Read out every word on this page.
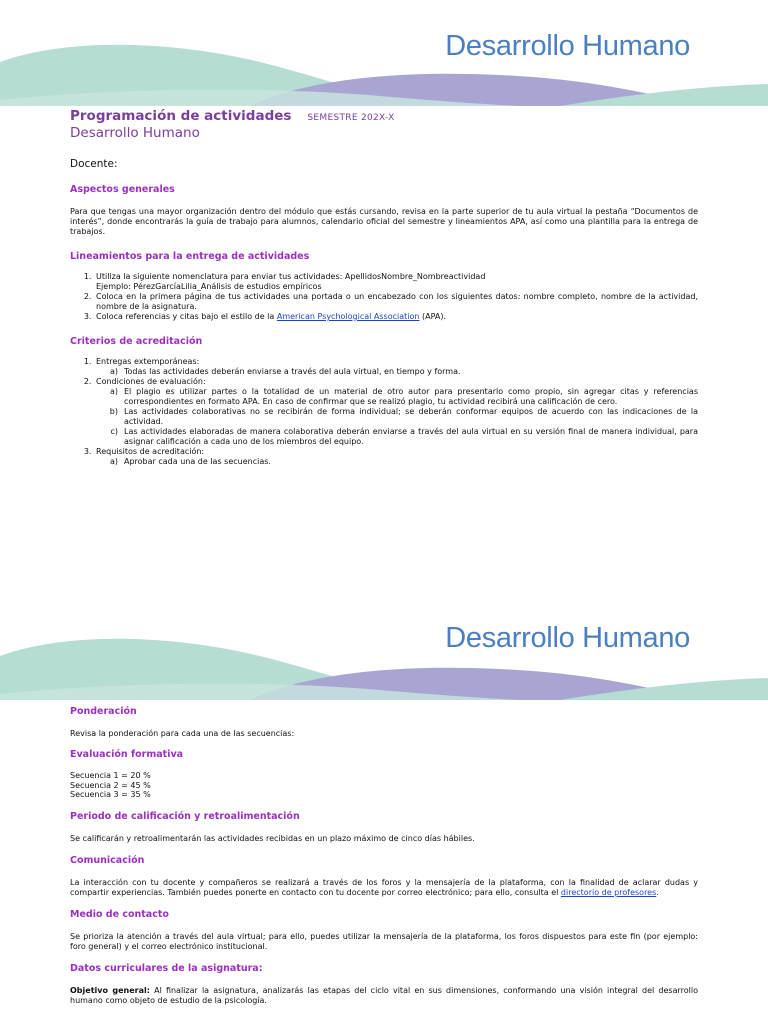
Desarrollo Humano
Programación de actividades SEMESTRE 202X-X
Desarrollo Humano
Docente:
Aspectos generales
Para que tengas una mayor organización dentro del módulo que estás cursando, revisa en la parte superior de tu aula virtual la pestaña “Documentos de interés”, donde encontrarás la guía de trabajo para alumnos, calendario oficial del semestre y lineamientos APA, así como una plantilla para la entrega de trabajos.
Lineamientos para la entrega de actividades
1. Utiliza la siguiente nomenclatura para enviar tus actividades: ApellidosNombre_Nombreactividad
Ejemplo: PérezGarcíaLilia_Análisis de estudios empíricos
2. Coloca en la primera página de tus actividades una portada o un encabezado con los siguientes datos: nombre completo, nombre de la actividad, nombre de la asignatura.
3. Coloca referencias y citas bajo el estilo de la American Psychological Association (APA).
Criterios de acreditación
1. Entregas extemporáneas:
a) Todas las actividades deberán enviarse a través del aula virtual, en tiempo y forma.
2. Condiciones de evaluación:
a) El plagio es utilizar partes o la totalidad de un material de otro autor para presentarlo como propio, sin agregar citas y referencias correspondientes en formato APA. En caso de confirmar que se realizó plagio, tu actividad recibirá una calificación de cero.
b) Las actividades colaborativas no se recibirán de forma individual; se deberán conformar equipos de acuerdo con las indicaciones de la actividad.
c) Las actividades elaboradas de manera colaborativa deberán enviarse a través del aula virtual en su versión final de manera individual, para asignar calificación a cada uno de los miembros del equipo.
3. Requisitos de acreditación:
a) Aprobar cada una de las secuencias.
Desarrollo Humano
Ponderación
Revisa la ponderación para cada una de las secuencias:
Evaluación formativa
Secuencia 1 = 20 %
Secuencia 2 = 45 %
Secuencia 3 = 35 %
Periodo de calificación y retroalimentación
Se calificarán y retroalimentarán las actividades recibidas en un plazo máximo de cinco días hábiles.
Comunicación
La interacción con tu docente y compañeros se realizará a través de los foros y la mensajería de la plataforma, con la finalidad de aclarar dudas y compartir experiencias. También puedes ponerte en contacto con tu docente por correo electrónico; para ello, consulta el directorio de profesores.
Medio de contacto
Se prioriza la atención a través del aula virtual; para ello, puedes utilizar la mensajería de la plataforma, los foros dispuestos para este fin (por ejemplo: foro general) y el correo electrónico institucional.
Datos curriculares de la asignatura:
Objetivo general: Al finalizar la asignatura, analizarás las etapas del ciclo vital en sus dimensiones, conformando una visión integral del desarrollo humano como objeto de estudio de la psicología.
